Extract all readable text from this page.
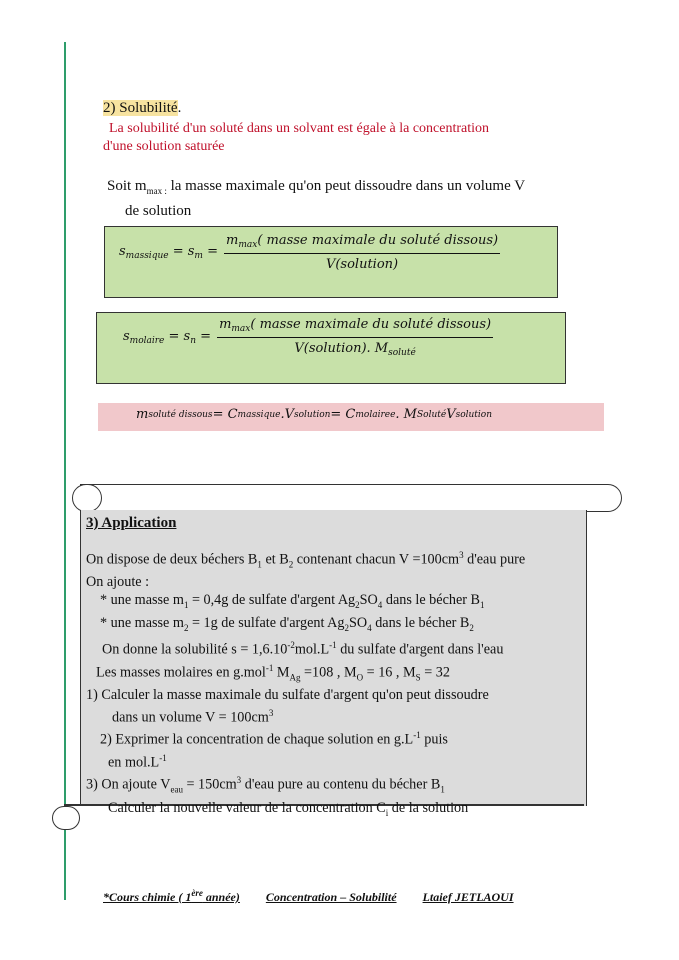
2) Solubilité.
La solubilité d'un soluté dans un solvant est égale à la concentration
d'une solution saturée
Soit $m_{max :}$ la masse maximale qu'on peut dissoudre dans un volume V
de solution
$s_{massique} = s_m = \frac{m_{max}( masse maximale du soluté dissous)}{\text{V(solution)}}$
$s_{molaire} = s_n = \frac{m_{max}( masse maximale du soluté dissous)}{V(solution). M_{soluté}}$
m soluté dissous = C massique .V solution = C molairee . M Soluté V solution
3) Application
On dispose de deux béchers $B_1$ et $B_2$ contenant chacun $V =100cm^3$ d'eau pure
On ajoute :
* une masse $m_1 = 0,4g$ de sulfate d'argent $Ag_2SO_4$ dans le bécher $B_1$
* une masse $m_2 = 1g$ de sulfate d'argent $Ag_2SO_4$ dans le bécher $B_2$
On donne la solubilité $s = 1,6.10^{-2}mol.L^{-1}$ du sulfate d'argent dans l'eau
Les masses molaires en g.mol$^{-1}$ $M_{Ag} =108$ , $M_O = 16$ , $M_S = 32$
1) Calculer la masse maximale du sulfate d'argent qu'on peut dissoudre
dans un volume $V = 100cm^3$
2) Exprimer la concentration de chaque solution en $g.L^{-1}$ puis
en $mol.L^{-1}$
3) On ajoute $V_{eau} = 150cm^3$ d'eau pure au contenu du bécher $B_1$
Calculer la nouvelle valeur de la concentration $C_i$ de la solution
*Cours chimie ( 1ère année) Concentration – Solubilité Ltaief JETLAOUI
